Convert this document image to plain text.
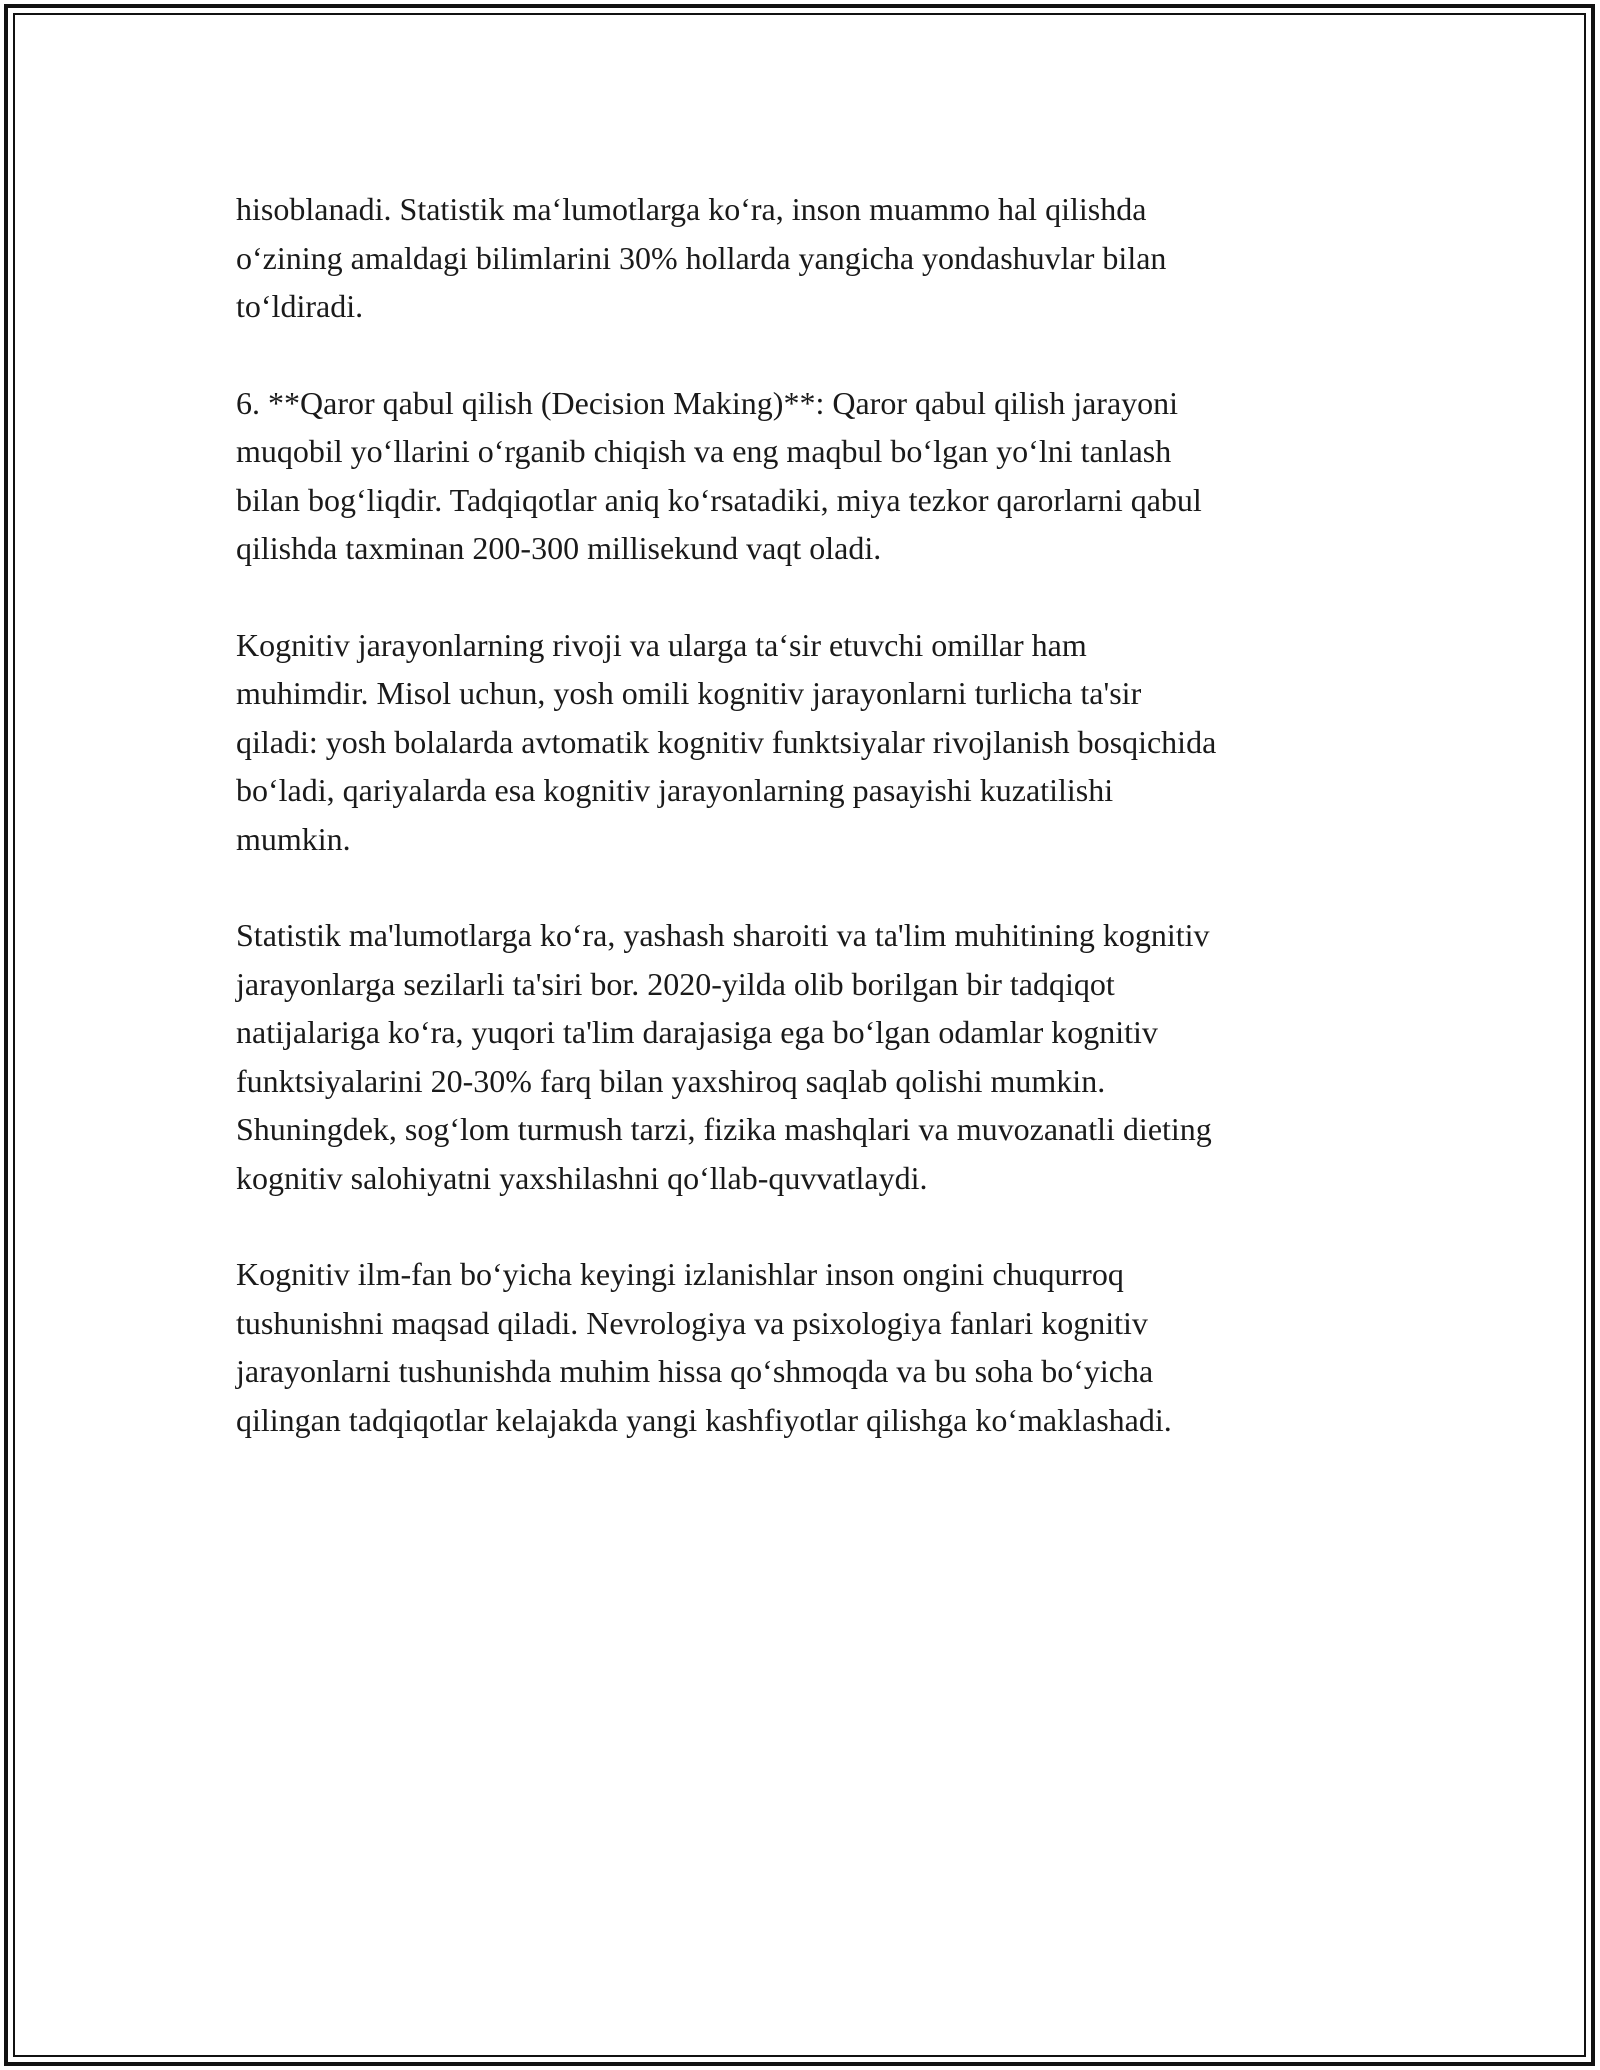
hisoblanadi. Statistik ma‘lumotlarga ko‘ra, inson muammo hal qilishda
o‘zining amaldagi bilimlarini 30% hollarda yangicha yondashuvlar bilan
to‘ldiradi.

6. **Qaror qabul qilish (Decision Making)**: Qaror qabul qilish jarayoni
muqobil yo‘llarini o‘rganib chiqish va eng maqbul bo‘lgan yo‘lni tanlash
bilan bog‘liqdir. Tadqiqotlar aniq ko‘rsatadiki, miya tezkor qarorlarni qabul
qilishda taxminan 200-300 millisekund vaqt oladi.

Kognitiv jarayonlarning rivoji va ularga ta‘sir etuvchi omillar ham
muhimdir. Misol uchun, yosh omili kognitiv jarayonlarni turlicha ta'sir
qiladi: yosh bolalarda avtomatik kognitiv funktsiyalar rivojlanish bosqichida
bo‘ladi, qariyalarda esa kognitiv jarayonlarning pasayishi kuzatilishi
mumkin.

Statistik ma'lumotlarga ko‘ra, yashash sharoiti va ta'lim muhitining kognitiv
jarayonlarga sezilarli ta'siri bor. 2020-yilda olib borilgan bir tadqiqot
natijalariga ko‘ra, yuqori ta'lim darajasiga ega bo‘lgan odamlar kognitiv
funktsiyalarini 20-30% farq bilan yaxshiroq saqlab qolishi mumkin.
Shuningdek, sog‘lom turmush tarzi, fizika mashqlari va muvozanatli dieting
kognitiv salohiyatni yaxshilashni qo‘llab-quvvatlaydi.

Kognitiv ilm-fan bo‘yicha keyingi izlanishlar inson ongini chuqurroq
tushunishni maqsad qiladi. Nevrologiya va psixologiya fanlari kognitiv
jarayonlarni tushunishda muhim hissa qo‘shmoqda va bu soha bo‘yicha
qilingan tadqiqotlar kelajakda yangi kashfiyotlar qilishga ko‘maklashadi.
